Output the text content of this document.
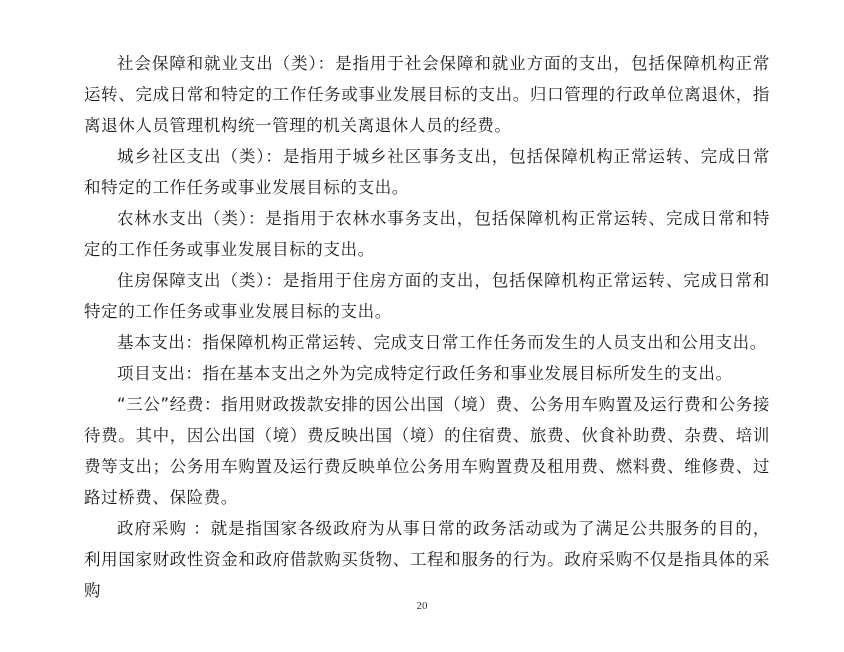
社会保障和就业支出（类）：是指用于社会保障和就业方面的支出，包括保障机构正常运转、完成日常和特定的工作任务或事业发展目标的支出。归口管理的行政单位离退休，指离退休人员管理机构统一管理的机关离退休人员的经费。

城乡社区支出（类）：是指用于城乡社区事务支出，包括保障机构正常运转、完成日常和特定的工作任务或事业发展目标的支出。

农林水支出（类）：是指用于农林水事务支出，包括保障机构正常运转、完成日常和特定的工作任务或事业发展目标的支出。

住房保障支出（类）：是指用于住房方面的支出，包括保障机构正常运转、完成日常和特定的工作任务或事业发展目标的支出。

基本支出：指保障机构正常运转、完成支日常工作任务而发生的人员支出和公用支出。

项目支出：指在基本支出之外为完成特定行政任务和事业发展目标所发生的支出。

“三公”经费：指用财政拨款安排的因公出国（境）费、公务用车购置及运行费和公务接待费。其中，因公出国（境）费反映出国（境）的住宿费、旅费、伙食补助费、杂费、培训费等支出；公务用车购置及运行费反映单位公务用车购置费及租用费、燃料费、维修费、过路过桥费、保险费。

政府采购 ：就是指国家各级政府为从事日常的政务活动或为了满足公共服务的目的，利用国家财政性资金和政府借款购买货物、工程和服务的行为。政府采购不仅是指具体的采购

20
